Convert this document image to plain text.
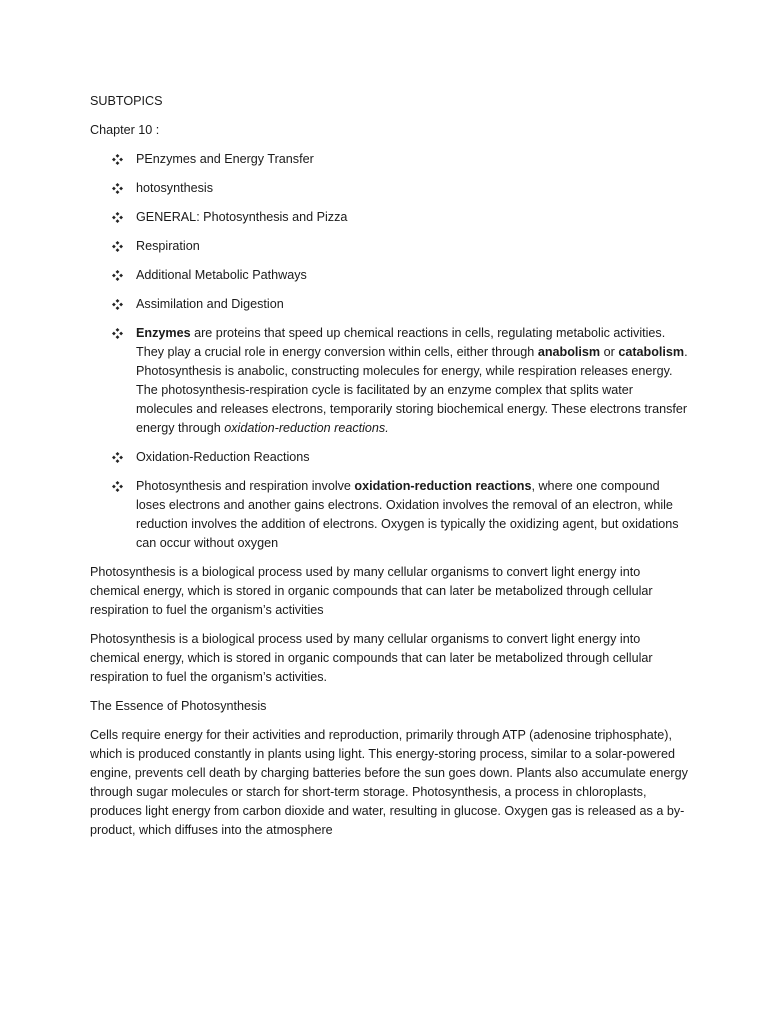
SUBTOPICS

Chapter 10 :

PEnzymes and Energy Transfer
hotosynthesis
GENERAL: Photosynthesis and Pizza
Respiration
Additional Metabolic Pathways
Assimilation and Digestion
Enzymes are proteins that speed up chemical reactions in cells, regulating metabolic activities. They play a crucial role in energy conversion within cells, either through anabolism or catabolism. Photosynthesis is anabolic, constructing molecules for energy, while respiration releases energy. The photosynthesis-respiration cycle is facilitated by an enzyme complex that splits water molecules and releases electrons, temporarily storing biochemical energy. These electrons transfer energy through oxidation-reduction reactions.
Oxidation-Reduction Reactions
Photosynthesis and respiration involve oxidation-reduction reactions, where one compound loses electrons and another gains electrons. Oxidation involves the removal of an electron, while reduction involves the addition of electrons. Oxygen is typically the oxidizing agent, but oxidations can occur without oxygen

Photosynthesis is a biological process used by many cellular organisms to convert light energy into chemical energy, which is stored in organic compounds that can later be metabolized through cellular respiration to fuel the organism’s activities

Photosynthesis is a biological process used by many cellular organisms to convert light energy into chemical energy, which is stored in organic compounds that can later be metabolized through cellular respiration to fuel the organism’s activities.

The Essence of Photosynthesis

Cells require energy for their activities and reproduction, primarily through ATP (adenosine triphosphate), which is produced constantly in plants using light. This energy-storing process, similar to a solar-powered engine, prevents cell death by charging batteries before the sun goes down. Plants also accumulate energy through sugar molecules or starch for short-term storage. Photosynthesis, a process in chloroplasts, produces light energy from carbon dioxide and water, resulting in glucose. Oxygen gas is released as a by-product, which diffuses into the atmosphere
